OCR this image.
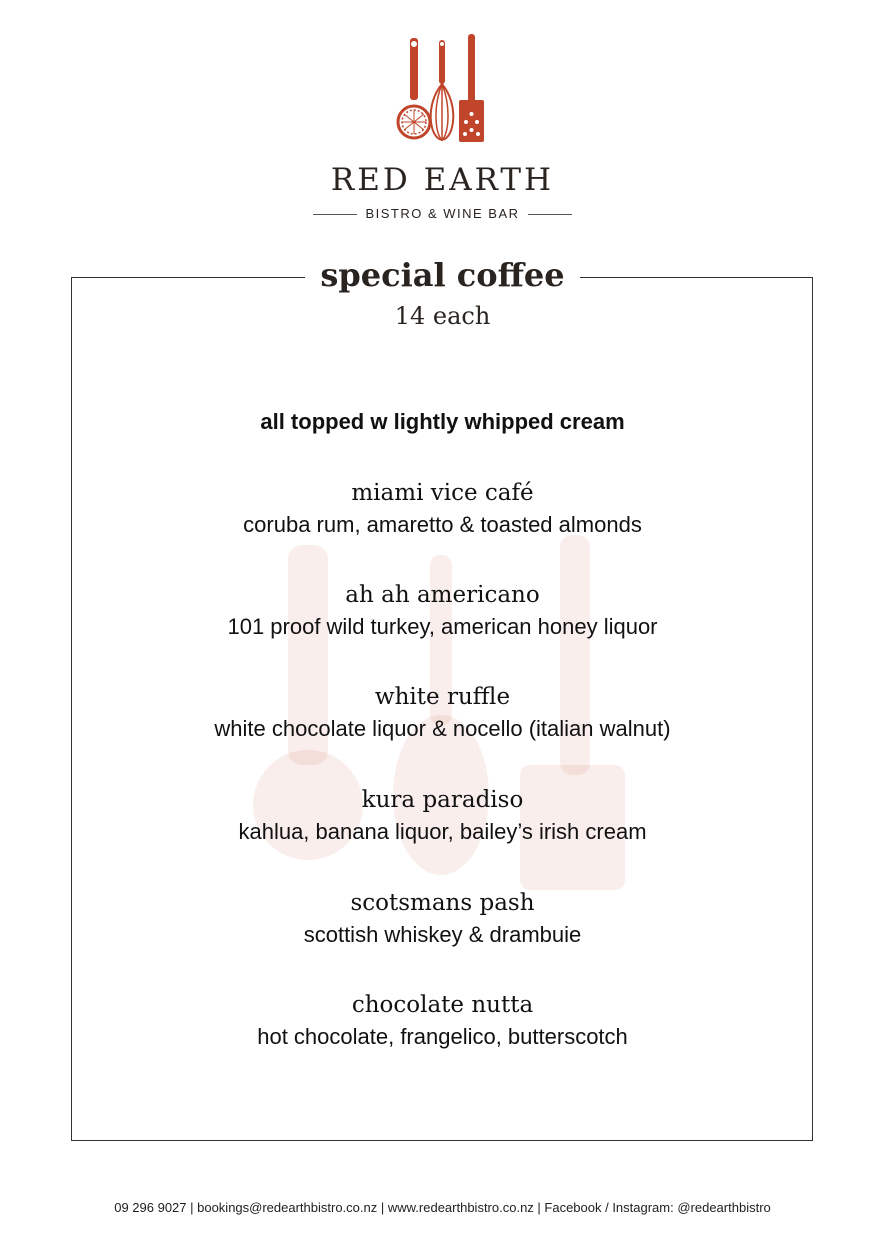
RED EARTH
BISTRO & WINE BAR
special coffee
14 each
all topped w lightly whipped cream
miami vice café
coruba rum, amaretto & toasted almonds
ah ah americano
101 proof wild turkey, american honey liquor
white ruffle
white chocolate liquor & nocello (italian walnut)
kura paradiso
kahlua, banana liquor, bailey’s irish cream
scotsmans pash
scottish whiskey & drambuie
chocolate nutta
hot chocolate, frangelico, butterscotch
09 296 9027 | bookings@redearthbistro.co.nz | www.redearthbistro.co.nz | Facebook / Instagram: @redearthbistro
